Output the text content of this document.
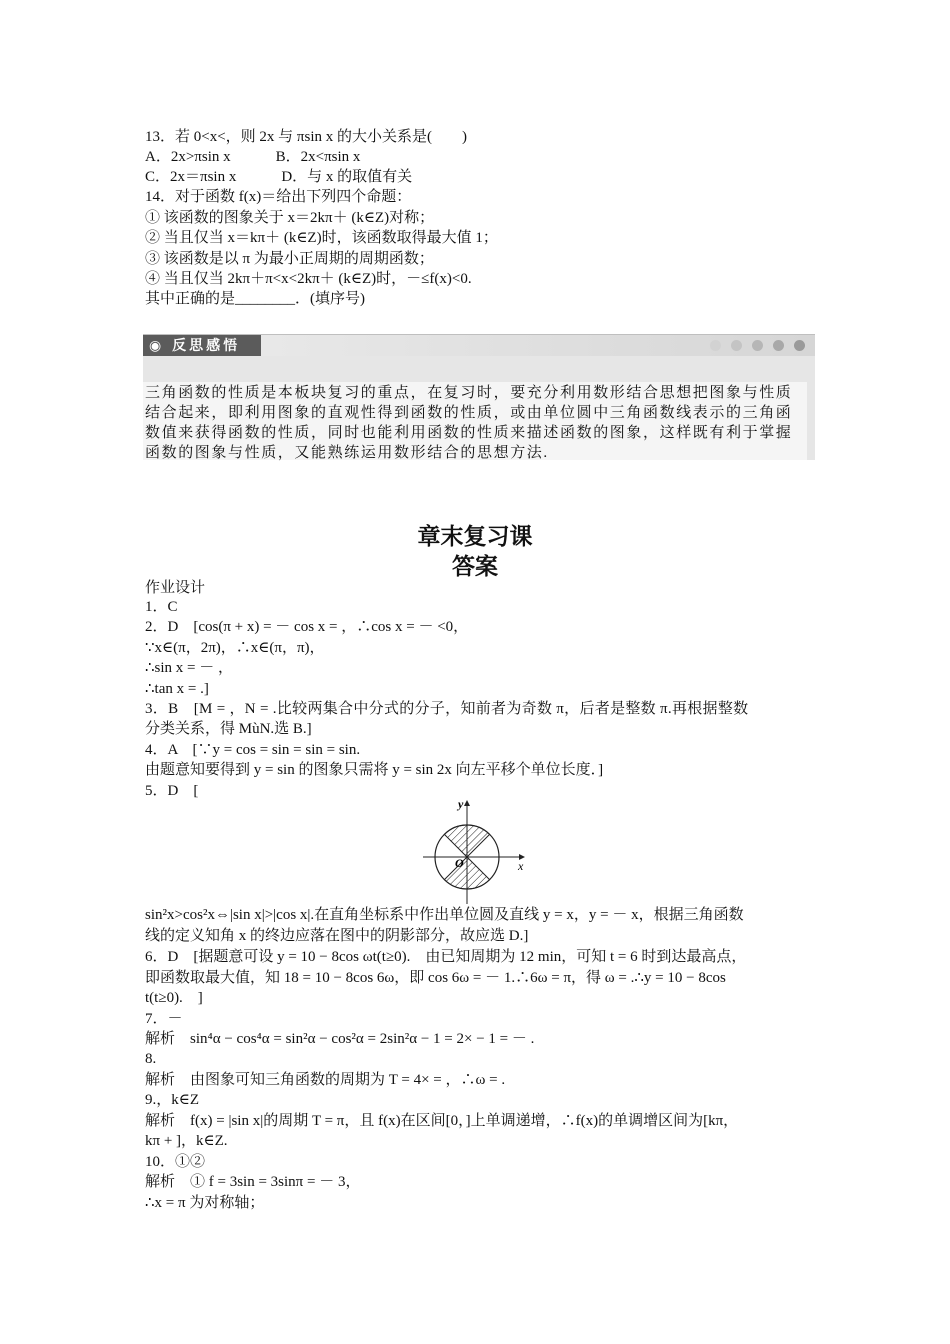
13．若 0<x<，则 2x 与 πsin x 的大小关系是(　　)
A．2x>πsin x　　　B．2x<πsin x
C．2x＝πsin x　　　D．与 x 的取值有关
14．对于函数 f(x)＝给出下列四个命题：
① 该函数的图象关于 x＝2kπ＋ (k∈Z)对称；
② 当且仅当 x＝kπ＋ (k∈Z)时，该函数取得最大值 1；
③ 该函数是以 π 为最小正周期的周期函数；
④ 当且仅当 2kπ＋π<x<2kπ＋ (k∈Z)时，－≤f(x)<0.
其中正确的是________．(填序号)
◉ 反思感悟
三角函数的性质是本板块复习的重点，在复习时，要充分利用数形结合思想把图象与性质
结合起来，即利用图象的直观性得到函数的性质，或由单位圆中三角函数线表示的三角函
数值来获得函数的性质，同时也能利用函数的性质来描述函数的图象，这样既有利于掌握
函数的图象与性质，又能熟练运用数形结合的思想方法.
章末复习课
答案
作业设计
1．C
2．D　[cos(π + x) = － cos x = ，∴cos x = － <0，
∵x∈(π，2π)，∴x∈(π，π)，
∴sin x = － ，
∴tan x = .]
3．B　[M = ，N = .比较两集合中分式的分子，知前者为奇数 π，后者是整数 π.再根据整数
分类关系，得 MùN.选 B.]
4．A　[∵y = cos = sin = sin = sin.
由题意知要得到 y = sin 的图象只需将 y = sin 2x 向左平移个单位长度．]
5．D　[
x
y
O
sin²x>cos²x⇔|sin x|>|cos x|.在直角坐标系中作出单位圆及直线 y = x，y = － x，根据三角函数
线的定义知角 x 的终边应落在图中的阴影部分，故应选 D.]
6．D　[据题意可设 y = 10 − 8cos ωt(t≥0).　由已知周期为 12 min，可知 t = 6 时到达最高点，
即函数取最大值，知 18 = 10 − 8cos 6ω，即 cos 6ω = － 1.∴6ω = π，得 ω = .∴y = 10 − 8cos
t(t≥0).　]
7．－
解析　sin⁴α − cos⁴α = sin²α − cos²α = 2sin²α − 1 = 2× − 1 = － .
8.
解析　由图象可知三角函数的周期为 T = 4× = ，∴ω = .
9.，k∈Z
解析　f(x) = |sin x|的周期 T = π，且 f(x)在区间[0，]上单调递增，∴f(x)的单调增区间为[kπ，
kπ + ]，k∈Z.
10．①②
解析　① f = 3sin = 3sinπ = － 3，
∴x = π 为对称轴；
